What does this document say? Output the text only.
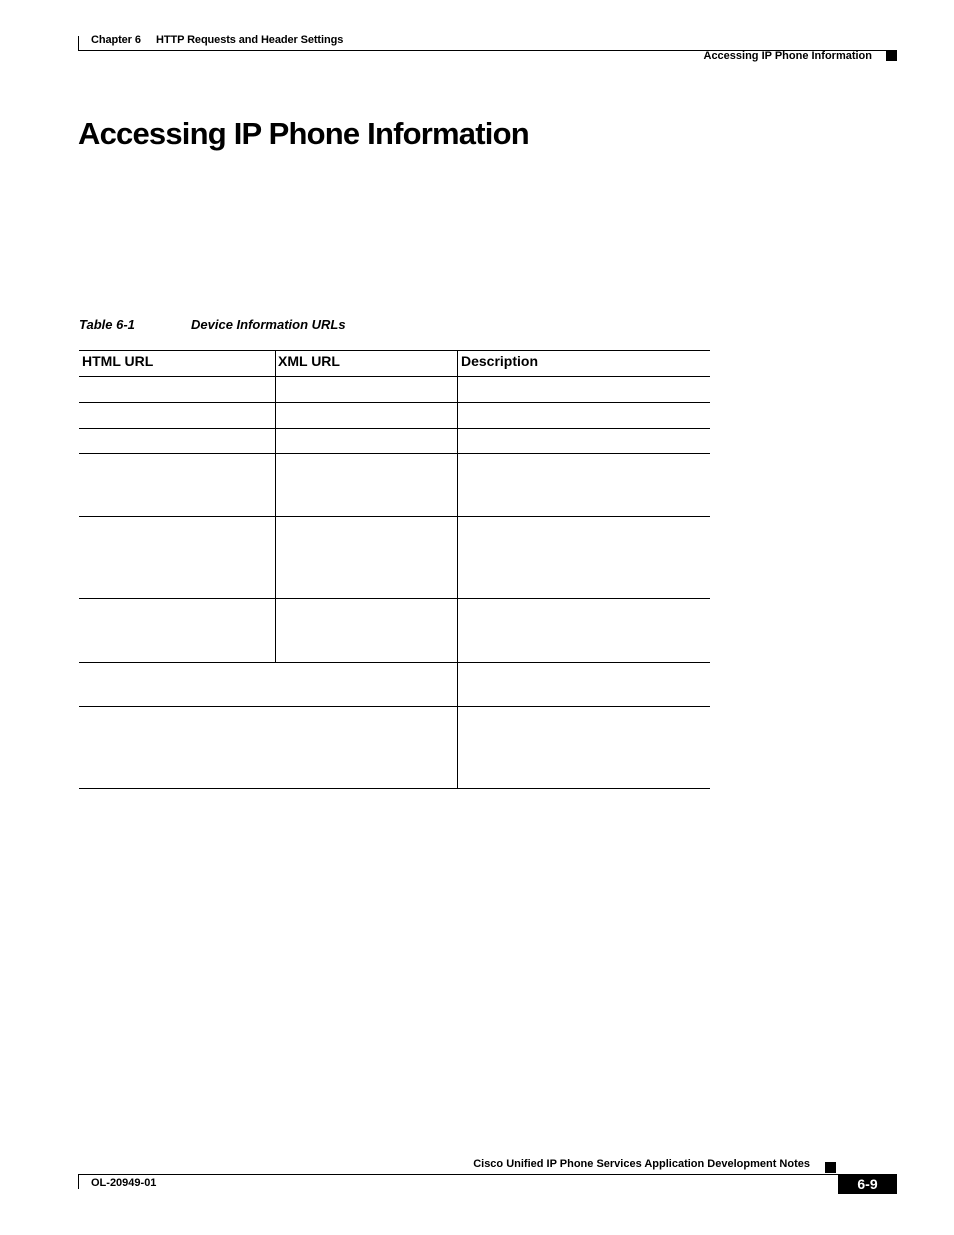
Chapter 6 HTTP Requests and Header Settings
Accessing IP Phone Information
Accessing IP Phone Information
Table 6-1	Device Information URLs
HTML URL	XML URL	Description
Cisco Unified IP Phone Services Application Development Notes
OL-20949-01	6-9
